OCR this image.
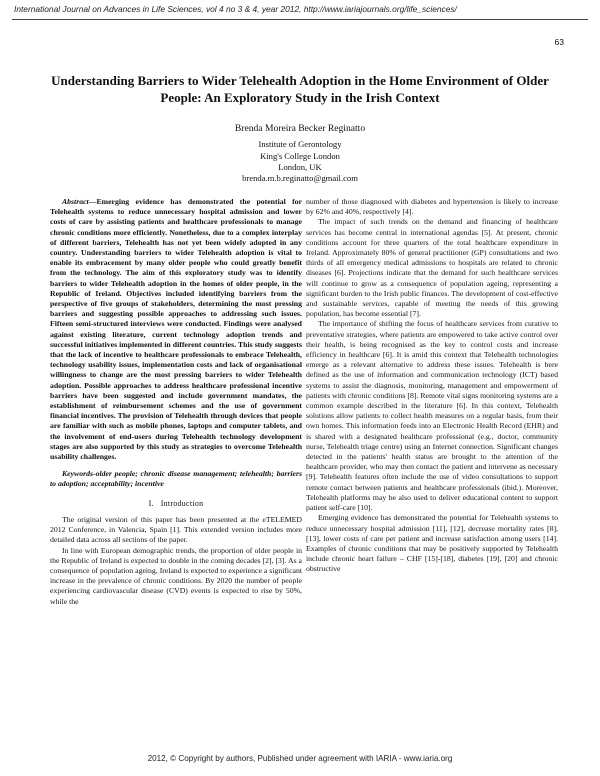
International Journal on Advances in Life Sciences, vol 4 no 3 & 4, year 2012, http://www.iariajournals.org/life_sciences/
63
Understanding Barriers to Wider Telehealth Adoption in the Home Environment of Older People: An Exploratory Study in the Irish Context
Brenda Moreira Becker Reginatto
Institute of Gerontology
King's College London
London, UK
brenda.m.b.reginatto@gmail.com

Abstract—Emerging evidence has demonstrated the potential for Telehealth systems to reduce unnecessary hospital admission and lower costs of care by assisting patients and healthcare professionals to manage chronic conditions more efficiently. Nonetheless, due to a complex interplay of different barriers, Telehealth has not yet been widely adopted in any country. Understanding barriers to wider Telehealth adoption is vital to enable its embracement by many older people who could greatly benefit from the technology. The aim of this exploratory study was to identify barriers to wider Telehealth adoption in the homes of older people, in the Republic of Ireland. Objectives included identifying barriers from the perspective of five groups of stakeholders, determining the most pressing barriers and suggesting possible approaches to addressing such issues. Fifteen semi-structured interviews were conducted. Findings were analysed against existing literature, current technology adoption trends and successful initiatives implemented in different countries. This study suggests that the lack of incentive to healthcare professionals to embrace Telehealth, technology usability issues, implementation costs and lack of organisational willingness to change are the most pressing barriers to wider Telehealth adoption. Possible approaches to address healthcare professional incentive barriers have been suggested and include government mandates, the establishment of reimbursement schemes and the use of government financial incentives. The provision of Telehealth through devices that people are familiar with such as mobile phones, laptops and computer tablets, and the involvement of end-users during Telehealth technology development stages are also supported by this study as strategies to overcome Telehealth usability challenges.

Keywords-older people; chronic disease management; telehealth; barriers to adoption; acceptability; incentive

I. Introduction

The original version of this paper has been presented at the eTELEMED 2012 Conference, in Valencia, Spain [1]. This extended version includes more detailed data across all sections of the paper.

In line with European demographic trends, the proportion of older people in the Republic of Ireland is expected to double in the coming decades [2], [3]. As a consequence of population ageing, Ireland is expected to experience a significant increase in the prevalence of chronic conditions. By 2020 the number of people experiencing cardiovascular disease (CVD) events is expected to rise by 50%, while the

number of those diagnosed with diabetes and hypertension is likely to increase by 62% and 40%, respectively [4].

The impact of such trends on the demand and financing of healthcare services has become central in international agendas [5]. At present, chronic conditions account for three quarters of the total healthcare expenditure in Ireland. Approximately 80% of general practitioner (GP) consultations and two thirds of all emergency medical admissions to hospitals are related to chronic diseases [6]. Projections indicate that the demand for such healthcare services will continue to grow as a consequence of population ageing, representing a significant burden to the Irish public finances. The development of cost-effective and sustainable services, capable of meeting the needs of this growing population, has become essential [7].

The importance of shifting the focus of healthcare services from curative to preventative strategies, where patients are empowered to take active control over their health, is being recognised as the key to control costs and increase efficiency in healthcare [6]. It is amid this context that Telehealth technologies emerge as a relevant alternative to address these issues. Telehealth is here defined as the use of information and communication technology (ICT) based systems to assist the diagnosis, monitoring, management and empowerment of patients with chronic conditions [8]. Remote vital signs monitoring systems are a common example described in the literature [6]. In this context, Telehealth solutions allow patients to collect health measures on a regular basis, from their own homes. This information feeds into an Electronic Health Record (EHR) and is shared with a designated healthcare professional (e.g., doctor, community nurse, Telehealth triage centre) using an Internet connection. Significant changes detected in the patients' health status are brought to the attention of the healthcare provider, who may then contact the patient and intervene as necessary [9]. Telehealth features often include the use of video consultations to support remote contact between patients and healthcare professionals (ibid.). Moreover, Telehealth platforms may be also used to deliver educational content to support patient self-care [10].

Emerging evidence has demonstrated the potential for Telehealth systems to reduce unnecessary hospital admission [11], [12], decrease mortality rates [8], [13], lower costs of care per patient and increase satisfaction among users [14]. Examples of chronic conditions that may be positively supported by Telehealth include chronic heart failure – CHF [15]-[18], diabetes [19], [20] and chronic obstructive

2012, © Copyright by authors, Published under agreement with IARIA - www.iaria.org
